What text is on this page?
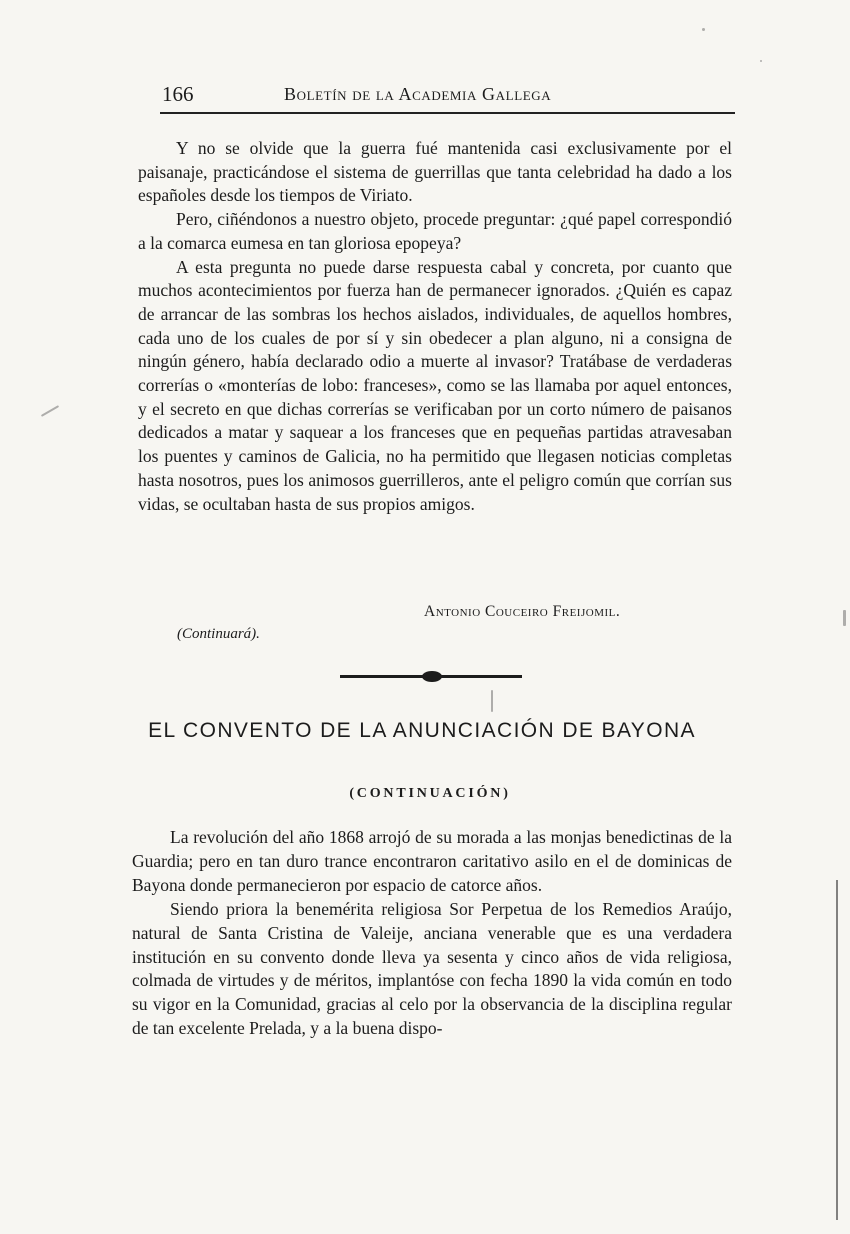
166	Boletín de la Academia Gallega

Y no se olvide que la guerra fué mantenida casi exclusivamente por el paisanaje, practicándose el sistema de guerrillas que tanta celebridad ha dado a los españoles desde los tiempos de Viriato.

Pero, ciñéndonos a nuestro objeto, procede preguntar: ¿qué papel correspondió a la comarca eumesa en tan gloriosa epopeya?

A esta pregunta no puede darse respuesta cabal y concreta, por cuanto que muchos acontecimientos por fuerza han de permanecer ignorados. ¿Quién es capaz de arrancar de las sombras los hechos aislados, individuales, de aquellos hombres, cada uno de los cuales de por sí y sin obedecer a plan alguno, ni a consigna de ningún género, había declarado odio a muerte al invasor? Tratábase de verdaderas correrías o «monterías de lobo: franceses», como se las llamaba por aquel entonces, y el secreto en que dichas correrías se verificaban por un corto número de paisanos dedicados a matar y saquear a los franceses que en pequeñas partidas atravesaban los puentes y caminos de Galicia, no ha permitido que llegasen noticias completas hasta nosotros, pues los animosos guerrilleros, ante el peligro común que corrían sus vidas, se ocultaban hasta de sus propios amigos.

Antonio Couceiro Freijomil.
(Continuará).
EL CONVENTO DE LA ANUNCIACIÓN DE BAYONA
(CONTINUACIÓN)

La revolución del año 1868 arrojó de su morada a las monjas benedictinas de la Guardia; pero en tan duro trance encontraron caritativo asilo en el de dominicas de Bayona donde permanecieron por espacio de catorce años.

Siendo priora la benemérita religiosa Sor Perpetua de los Remedios Araújo, natural de Santa Cristina de Valeije, anciana venerable que es una verdadera institución en su convento donde lleva ya sesenta y cinco años de vida religiosa, colmada de virtudes y de méritos, implantóse con fecha 1890 la vida común en todo su vigor en la Comunidad, gracias al celo por la observancia de la disciplina regular de tan excelente Prelada, y a la buena dispo-
